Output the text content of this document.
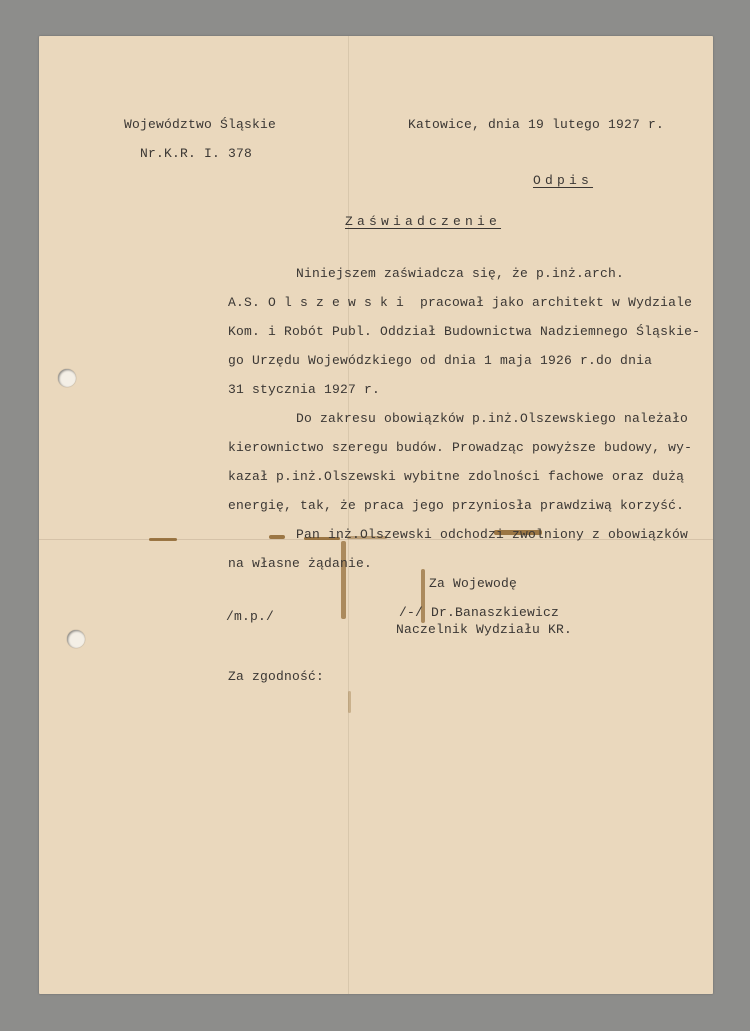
Województwo Śląskie

Nr.K.R. I. 378

Katowice, dnia 19 lutego 1927 r.

Odpis

Zaświadczenie

Niniejszem zaświadcza się, że p.inż.arch.

A.S. O l s z e w s k i  pracował jako architekt w Wydziale

Kom. i Robót Publ. Oddział Budownictwa Nadziemnego Śląskie-

go Urzędu Wojewódzkiego od dnia 1 maja 1926 r.do dnia

31 stycznia 1927 r.

Do zakresu obowiązków p.inż.Olszewskiego należało

kierownictwo szeregu budów. Prowadząc powyższe budowy, wy-

kazał p.inż.Olszewski wybitne zdolności fachowe oraz dużą

energię, tak, że praca jego przyniosła prawdziwą korzyść.

Pan inż.Olszewski odchodzi zwolniony z obowiązków

na własne żądanie.

Za Wojewodę

/m.p./	/-/ Dr.Banaszkiewicz

Naczelnik Wydziału KR.

Za zgodność:
